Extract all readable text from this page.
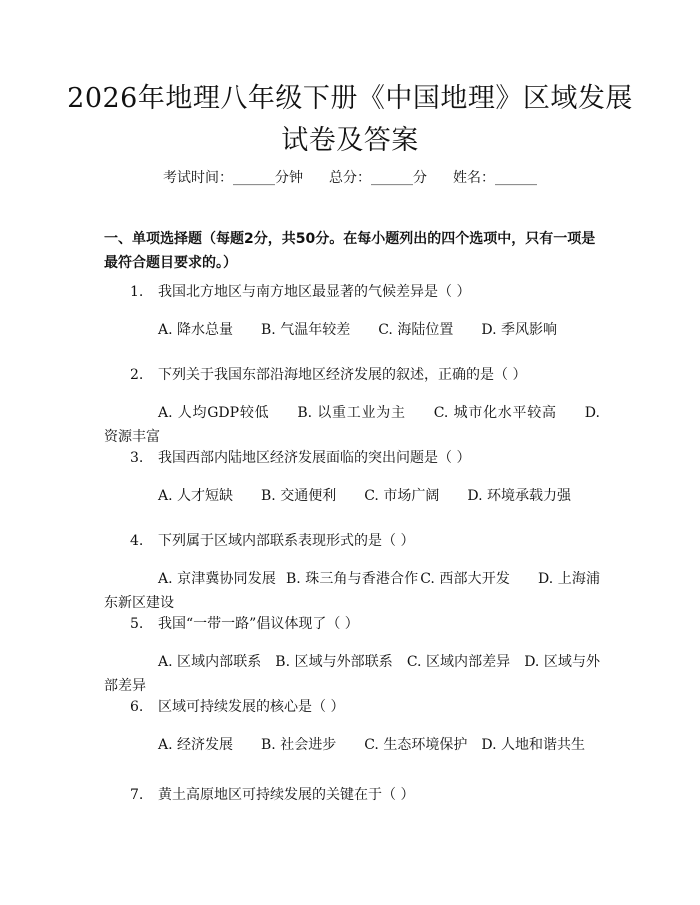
2026年地理八年级下册《中国地理》区域发展试卷及答案
考试时间：______分钟 总分：______分 姓名：______
一、单项选择题（每题2分，共50分。在每小题列出的四个选项中，只有一项是最符合题目要求的。）
1. 我国北方地区与南方地区最显著的气候差异是（ ）
A. 降水总量 B. 气温年较差 C. 海陆位置 D. 季风影响
2. 下列关于我国东部沿海地区经济发展的叙述，正确的是（ ）
A. 人均GDP较低 B. 以重工业为主 C. 城市化水平较高 D. 资源丰富
3. 我国西部内陆地区经济发展面临的突出问题是（ ）
A. 人才短缺 B. 交通便利 C. 市场广阔 D. 环境承载力强
4. 下列属于区域内部联系表现形式的是（ ）
A. 京津冀协同发展 B. 珠三角与香港合作 C. 西部大开发 D. 上海浦东新区建设
5. 我国“一带一路”倡议体现了（ ）
A. 区域内部联系 B. 区域与外部联系 C. 区域内部差异 D. 区域与外部差异
6. 区域可持续发展的核心是（ ）
A. 经济发展 B. 社会进步 C. 生态环境保护 D. 人地和谐共生
7. 黄土高原地区可持续发展的关键在于（ ）
